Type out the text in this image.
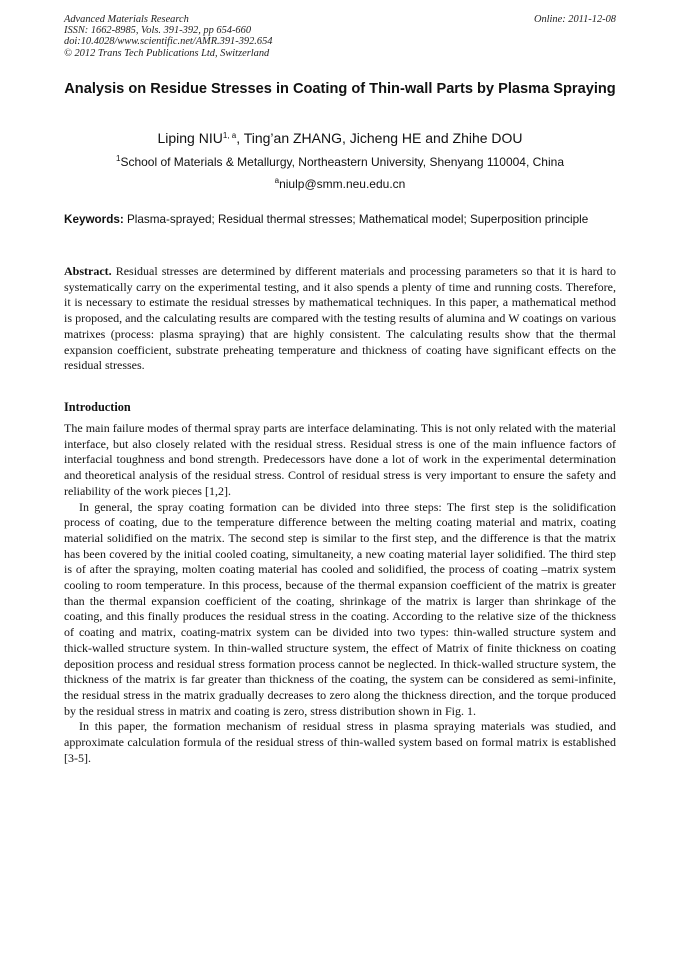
Advanced Materials Research
ISSN: 1662-8985, Vols. 391-392, pp 654-660
doi:10.4028/www.scientific.net/AMR.391-392.654
© 2012 Trans Tech Publications Ltd, Switzerland
Online: 2011-12-08
Analysis on Residue Stresses in Coating of Thin-wall Parts by Plasma Spraying
Liping NIU$^{1, a}$, Ting’an ZHANG, Jicheng HE and Zhihe DOU
$^1$School of Materials & Metallurgy, Northeastern University, Shenyang 110004, China
$^a$niulp@smm.neu.edu.cn
Keywords: Plasma-sprayed; Residual thermal stresses; Mathematical model; Superposition principle
Abstract. Residual stresses are determined by different materials and processing parameters so that it is hard to systematically carry on the experimental testing, and it also spends a plenty of time and running costs. Therefore, it is necessary to estimate the residual stresses by mathematical techniques. In this paper, a mathematical method is proposed, and the calculating results are compared with the testing results of alumina and W coatings on various matrixes (process: plasma spraying) that are highly consistent. The calculating results show that the thermal expansion coefficient, substrate preheating temperature and thickness of coating have significant effects on the residual stresses.
Introduction

The main failure modes of thermal spray parts are interface delaminating. This is not only related with the material interface, but also closely related with the residual stress. Residual stress is one of the main influence factors of interfacial toughness and bond strength. Predecessors have done a lot of work in the experimental determination and theoretical analysis of the residual stress. Control of residual stress is very important to ensure the safety and reliability of the work pieces [1,2].

In general, the spray coating formation can be divided into three steps: The first step is the solidification process of coating, due to the temperature difference between the melting coating material and matrix, coating material solidified on the matrix. The second step is similar to the first step, and the difference is that the matrix has been covered by the initial cooled coating, simultaneity, a new coating material layer solidified. The third step is of after the spraying, molten coating material has cooled and solidified, the process of coating –matrix system cooling to room temperature. In this process, because of the thermal expansion coefficient of the matrix is greater than the thermal expansion coefficient of the coating, shrinkage of the matrix is larger than shrinkage of the coating, and this finally produces the residual stress in the coating. According to the relative size of the thickness of coating and matrix, coating-matrix system can be divided into two types: thin-walled structure system and thick-walled structure system. In thin-walled structure system, the effect of Matrix of finite thickness on coating deposition process and residual stress formation process cannot be neglected. In thick-walled structure system, the thickness of the matrix is far greater than thickness of the coating, the system can be considered as semi-infinite, the residual stress in the matrix gradually decreases to zero along the thickness direction, and the torque produced by the residual stress in matrix and coating is zero, stress distribution shown in Fig. 1.

In this paper, the formation mechanism of residual stress in plasma spraying materials was studied, and approximate calculation formula of the residual stress of thin-walled system based on formal matrix is established [3-5].
